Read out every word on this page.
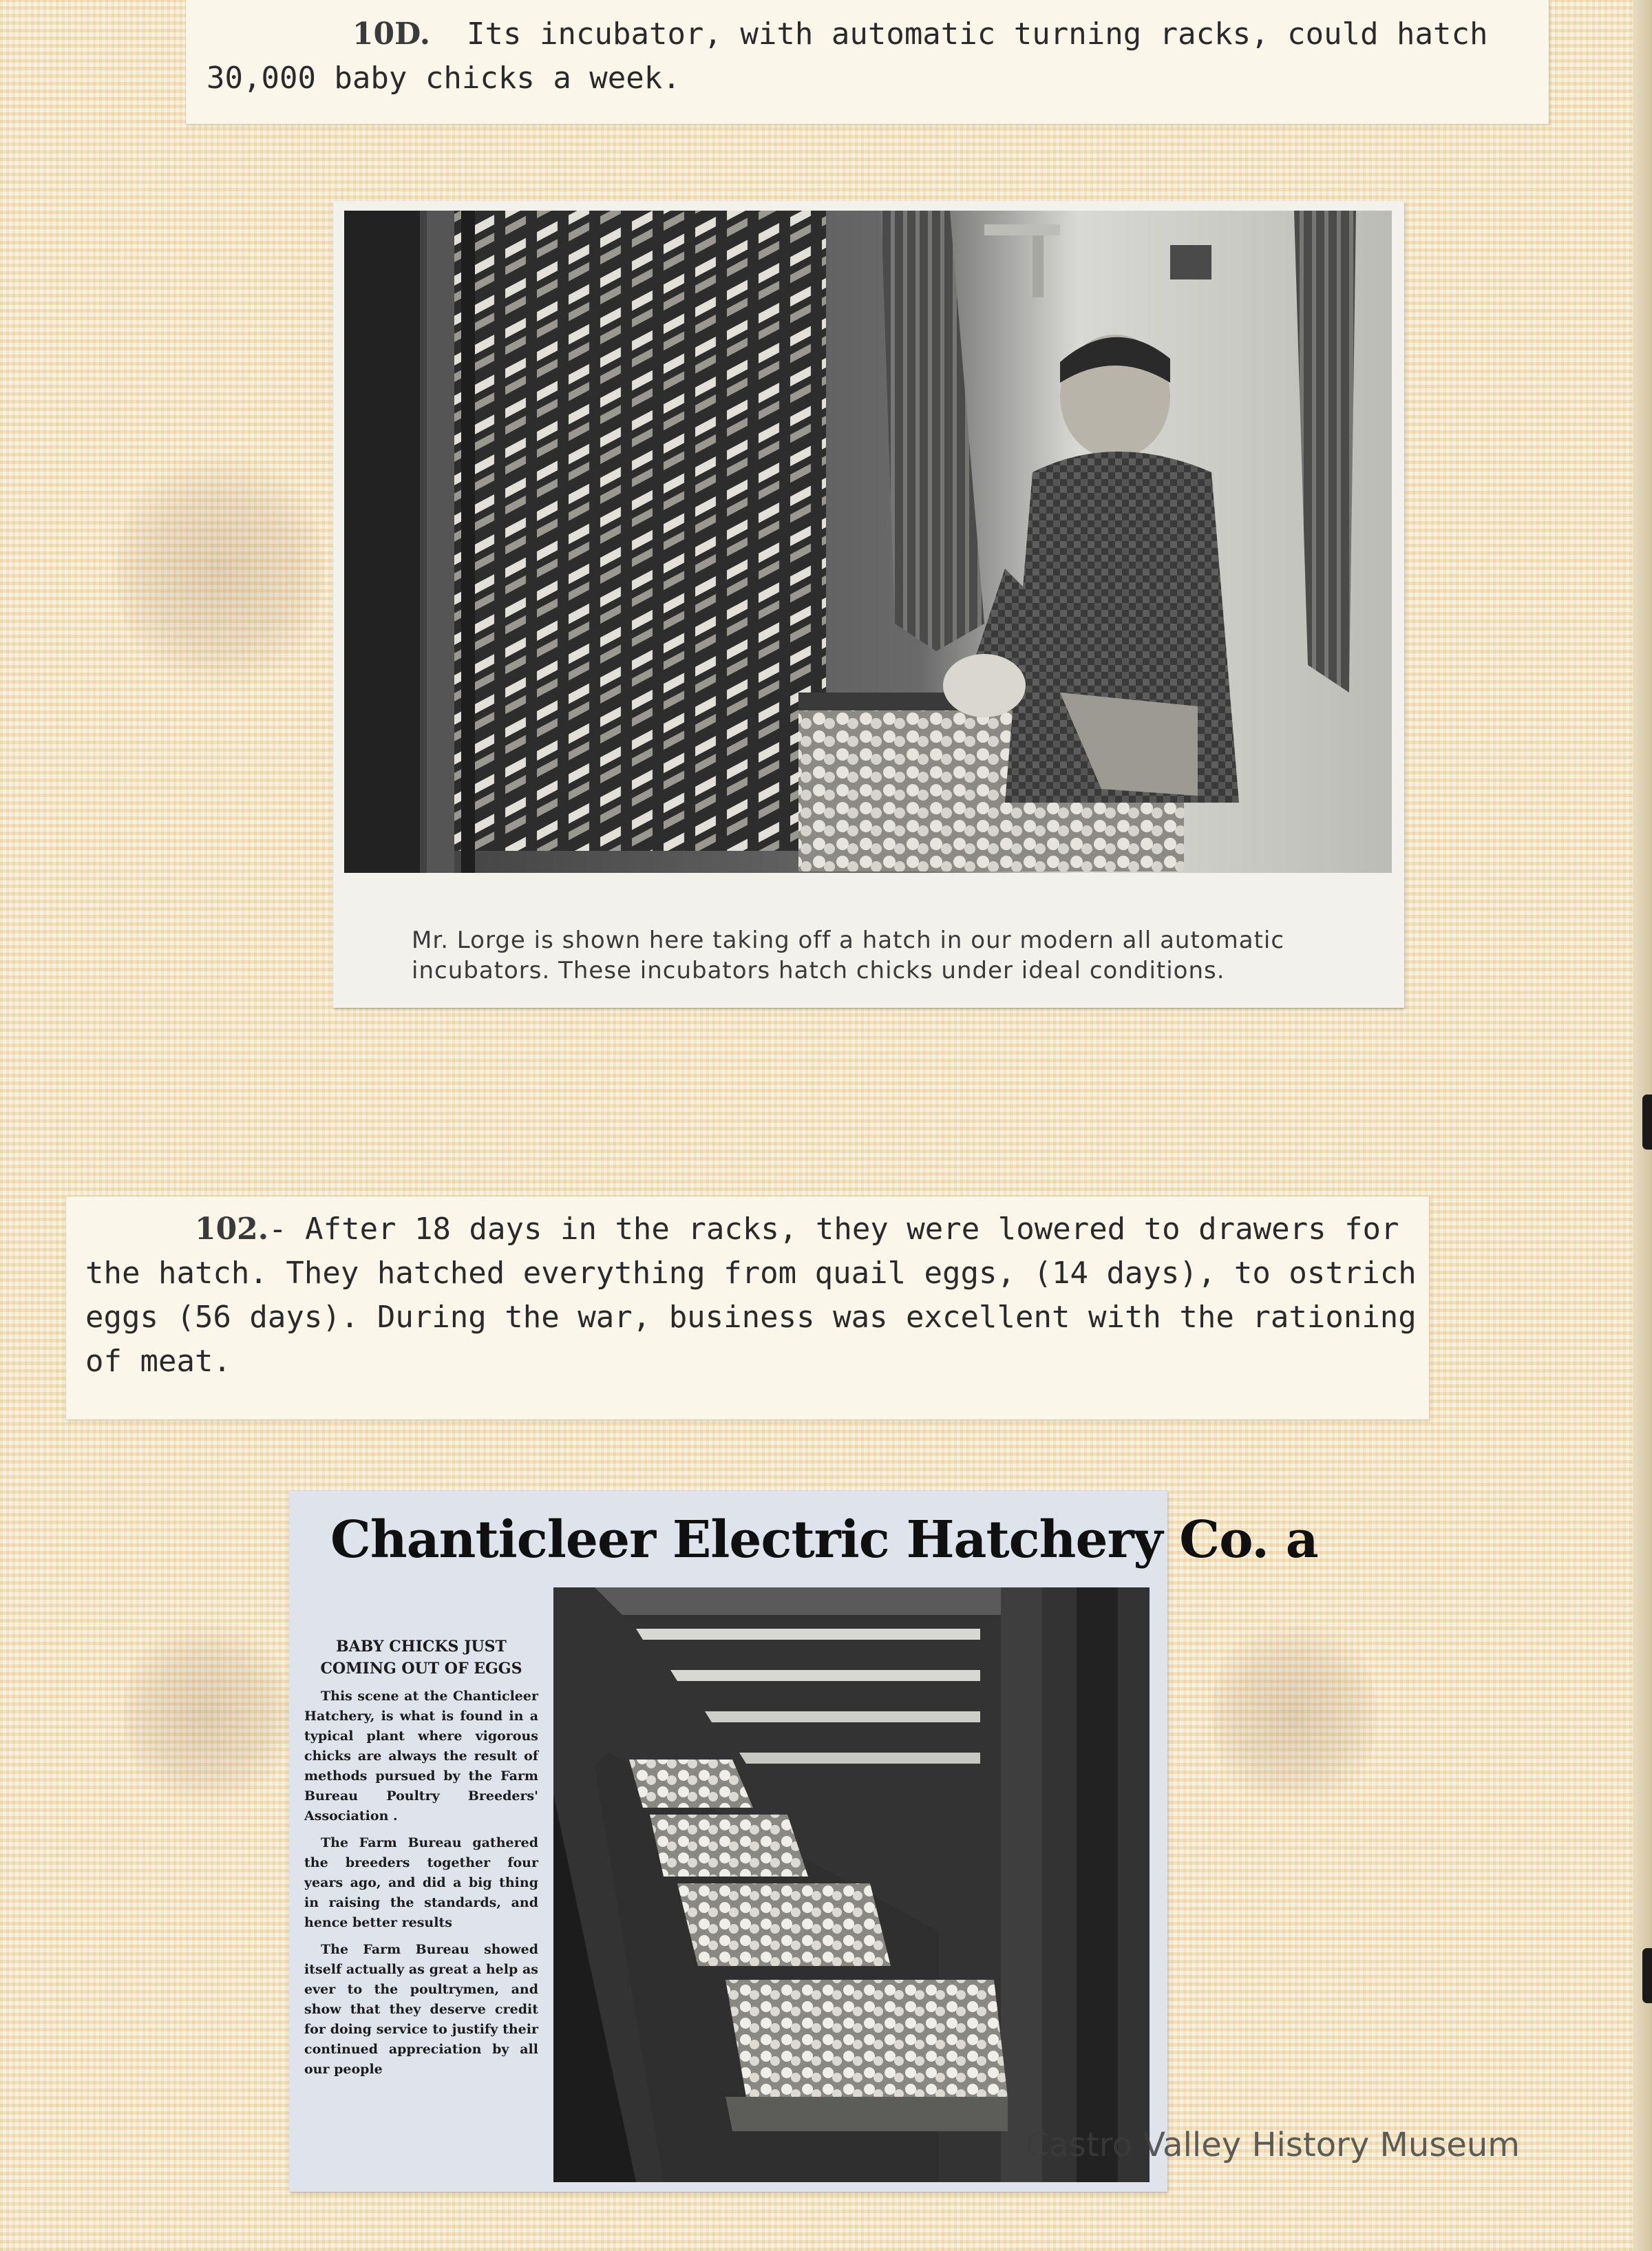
10D. Its incubator, with automatic turning racks, could hatch 30,000 baby chicks a week.

Mr. Lorge is shown here taking off a hatch in our modern all automatic incubators. These incubators hatch chicks under ideal conditions.

102.- After 18 days in the racks, they were lowered to drawers for the hatch. They hatched everything from quail eggs, (14 days), to ostrich eggs (56 days). During the war, business was excellent with the rationing of meat.

Chanticleer Electric Hatchery Co. a
BABY CHICKS JUST COMING OUT OF EGGS
This scene at the Chanticleer Hatchery, is what is found in a typical plant where vigorous chicks are always the result of methods pursued by the Farm Bureau Poultry Breeders' Association .
The Farm Bureau gathered the breeders together four years ago, and did a big thing in raising the standards, and hence better results
The Farm Bureau showed itself actually as great a help as ever to the poultrymen, and show that they deserve credit for doing service to justify their continued appreciation by all our people
Castro Valley History Museum
